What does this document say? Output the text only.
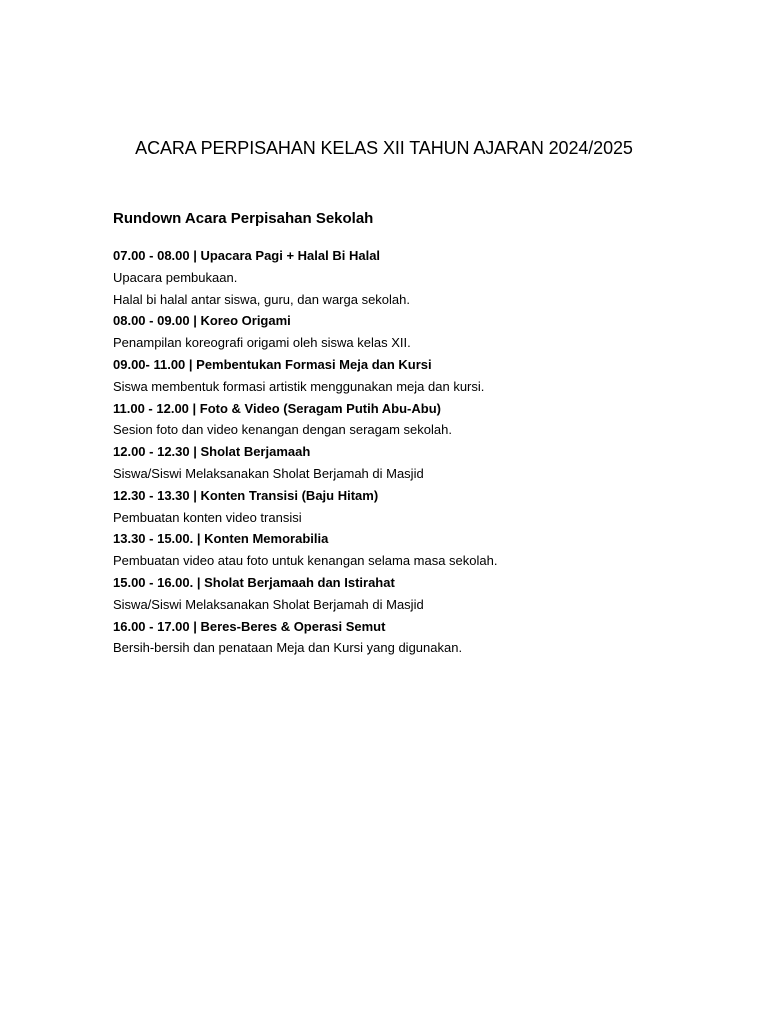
ACARA PERPISAHAN KELAS XII TAHUN AJARAN 2024/2025
Rundown Acara Perpisahan Sekolah
07.00 - 08.00 | Upacara Pagi + Halal Bi Halal
Upacara pembukaan.
Halal bi halal antar siswa, guru, dan warga sekolah.
08.00 - 09.00 | Koreo Origami
Penampilan koreografi origami oleh siswa kelas XII.
09.00- 11.00 | Pembentukan Formasi Meja dan Kursi
Siswa membentuk formasi artistik menggunakan meja dan kursi.
11.00 - 12.00 | Foto & Video (Seragam Putih Abu-Abu)
Sesion foto dan video kenangan dengan seragam sekolah.
12.00 - 12.30 | Sholat Berjamaah
Siswa/Siswi Melaksanakan Sholat Berjamah di Masjid
12.30 - 13.30 | Konten Transisi (Baju Hitam)
Pembuatan konten video transisi
13.30 - 15.00. | Konten Memorabilia
Pembuatan video atau foto untuk kenangan selama masa sekolah.
15.00 - 16.00. | Sholat Berjamaah dan Istirahat
Siswa/Siswi Melaksanakan Sholat Berjamah di Masjid
16.00 - 17.00 | Beres-Beres & Operasi Semut
Bersih-bersih dan penataan Meja dan Kursi yang digunakan.
